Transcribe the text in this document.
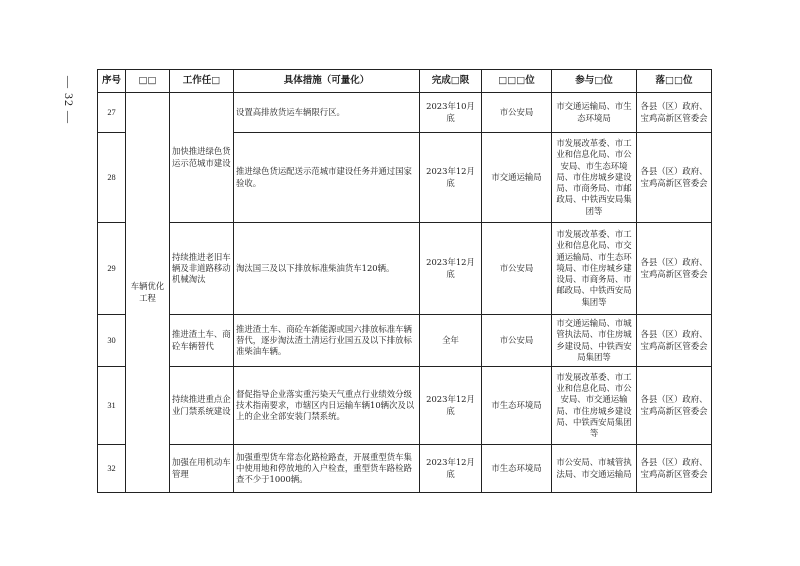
— 32 —	序号	□□	工作任□	具体措施（可量化）	完成□限	□□□位	参与□位	落□□位
27	车辆优化工程	加快推进绿色货运示范城市建设	设置高排放货运车辆限行区。	2023年10月底	市公安局	市交通运输局、市生态环境局	各县（区）政府、宝鸡高新区管委会
28			推进绿色货运配送示范城市建设任务并通过国家验收。	2023年12月底	市交通运输局	市发展改革委、市工业和信息化局、市公安局、市生态环境局、市住房城乡建设局、市商务局、市邮政局、中铁西安局集团等	各县（区）政府、宝鸡高新区管委会
29		持续推进老旧车辆及非道路移动机械淘汰	淘汰国三及以下排放标准柴油货车120辆。	2023年12月底	市公安局	市发展改革委、市工业和信息化局、市交通运输局、市生态环境局、市住房城乡建设局、市商务局、市邮政局、中铁西安局集团等	各县（区）政府、宝鸡高新区管委会
30		推进渣土车、商砼车辆替代	推进渣土车、商砼车新能源或国六排放标准车辆替代，逐步淘汰渣土清运行业国五及以下排放标准柴油车辆。	全年	市公安局	市交通运输局、市城管执法局、市住房城乡建设局、中铁西安局集团等	各县（区）政府、宝鸡高新区管委会
31		持续推进重点企业门禁系统建设	督促指导企业落实重污染天气重点行业绩效分级技术指南要求，市辖区内日运输车辆10辆次及以上的企业全部安装门禁系统。	2023年12月底	市生态环境局	市发展改革委、市工业和信息化局、市公安局、市交通运输局、市住房城乡建设局、中铁西安局集团等	各县（区）政府、宝鸡高新区管委会
32		加强在用机动车管理	加强重型货车常态化路检路查，开展重型货车集中使用地和停放地的入户检查，重型货车路检路查不少于1000辆。	2023年12月底	市生态环境局	市公安局、市城管执法局、市交通运输局	各县（区）政府、宝鸡高新区管委会
